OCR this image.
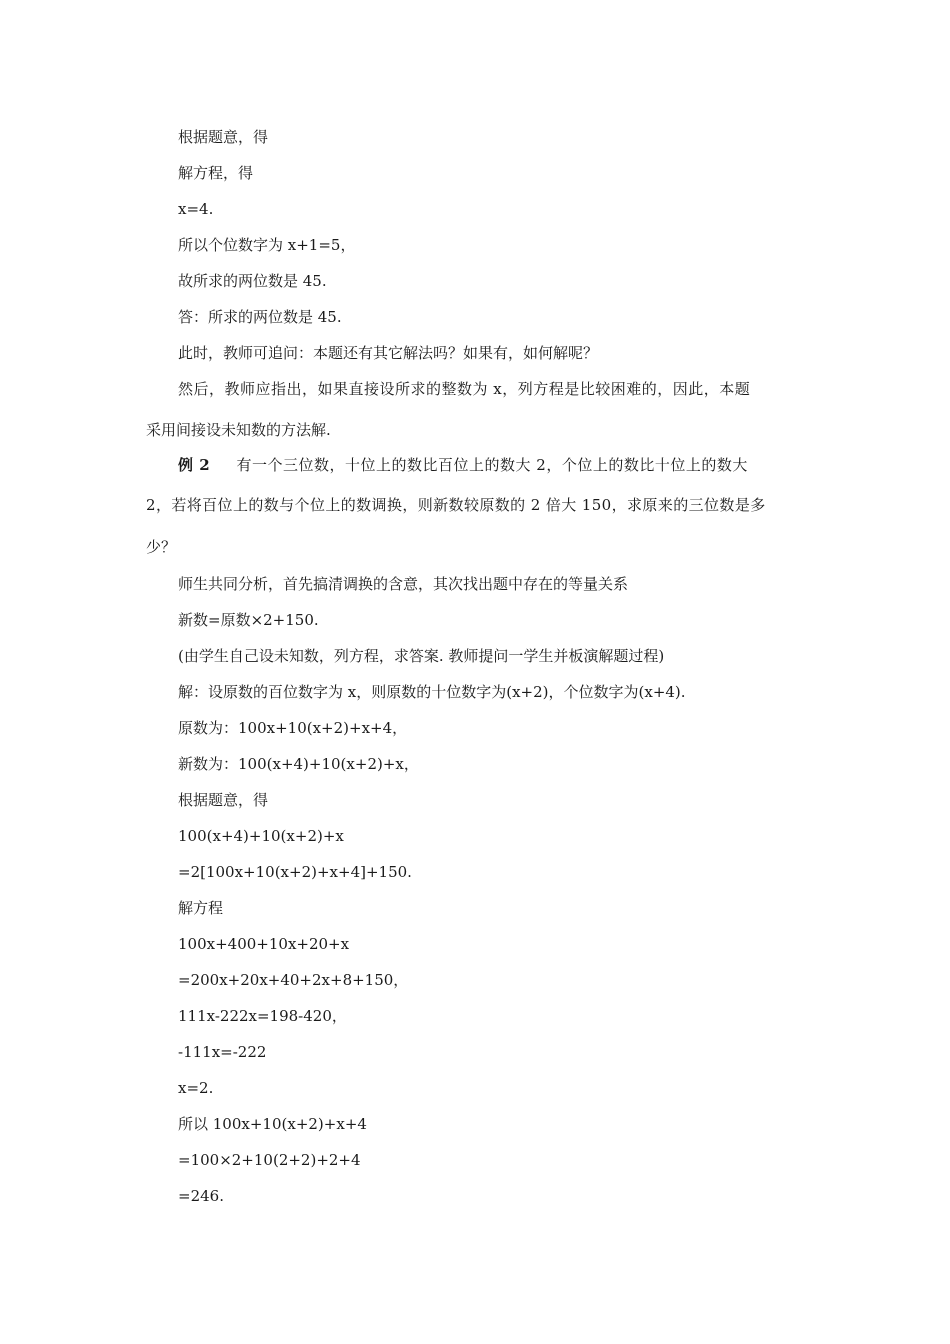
根据题意，得
解方程，得
x=4.
所以个位数字为 x+1=5，
故所求的两位数是 45.
答：所求的两位数是 45.
此时，教师可追问：本题还有其它解法吗？如果有，如何解呢？
然后，教师应指出，如果直接设所求的整数为 x，列方程是比较困难的，因此，本题
采用间接设未知数的方法解.
例 2 有一个三位数，十位上的数比百位上的数大 2，个位上的数比十位上的数大
2，若将百位上的数与个位上的数调换，则新数较原数的 2 倍大 150，求原来的三位数是多
少？
师生共同分析，首先搞清调换的含意，其次找出题中存在的等量关系
新数=原数×2+150.
(由学生自己设未知数，列方程，求答案. 教师提问一学生并板演解题过程)
解：设原数的百位数字为 x，则原数的十位数字为(x+2)，个位数字为(x+4).
原数为：100x+10(x+2)+x+4，
新数为：100(x+4)+10(x+2)+x，
根据题意，得
100(x+4)+10(x+2)+x
=2[100x+10(x+2)+x+4]+150.
解方程
100x+400+10x+20+x
=200x+20x+40+2x+8+150，
111x-222x=198-420，
-111x=-222
x=2.
所以 100x+10(x+2)+x+4
=100×2+10(2+2)+2+4
=246.
